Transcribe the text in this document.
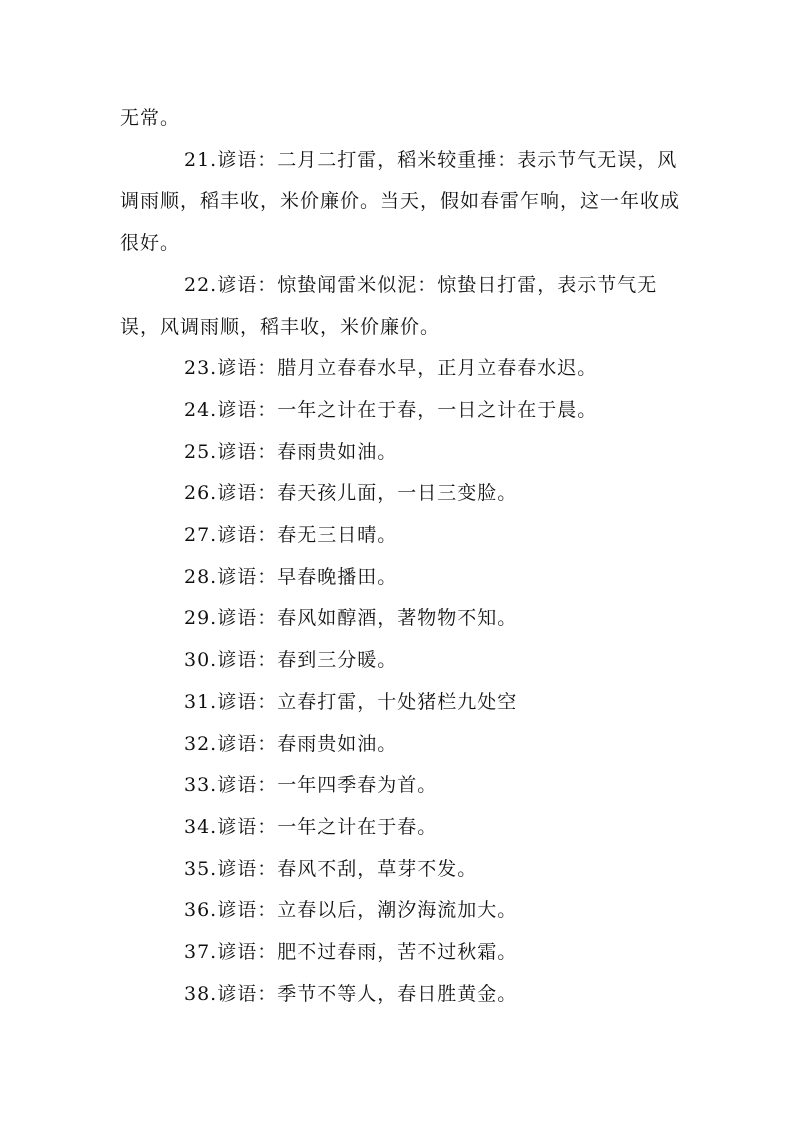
无常。

21.谚语：二月二打雷，稻米较重捶：表示节气无误，风调雨顺，稻丰收，米价廉价。当天，假如春雷乍响，这一年收成很好。

22.谚语：惊蛰闻雷米似泥：惊蛰日打雷，表示节气无误，风调雨顺，稻丰收，米价廉价。

23.谚语：腊月立春春水早，正月立春春水迟。

24.谚语：一年之计在于春，一日之计在于晨。

25.谚语：春雨贵如油。

26.谚语：春天孩儿面，一日三变脸。

27.谚语：春无三日晴。

28.谚语：早春晚播田。

29.谚语：春风如醇酒，著物物不知。

30.谚语：春到三分暖。

31.谚语：立春打雷，十处猪栏九处空

32.谚语：春雨贵如油。

33.谚语：一年四季春为首。

34.谚语：一年之计在于春。

35.谚语：春风不刮，草芽不发。

36.谚语：立春以后，潮汐海流加大。

37.谚语：肥不过春雨，苦不过秋霜。

38.谚语：季节不等人，春日胜黄金。
